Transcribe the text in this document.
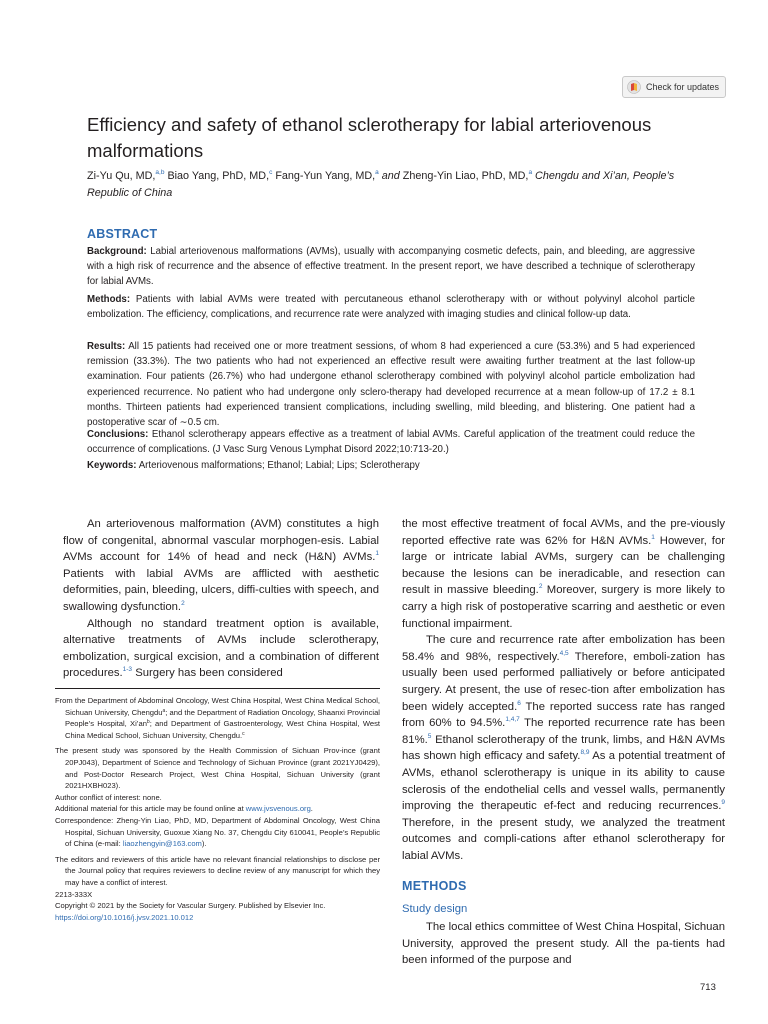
Check for updates
Efficiency and safety of ethanol sclerotherapy for labial arteriovenous malformations
Zi-Yu Qu, MD,$^{a,b}$ Biao Yang, PhD, MD,$^c$ Fang-Yun Yang, MD,$^a$ and Zheng-Yin Liao, PhD, MD,$^a$ Chengdu and Xi’an, People’s Republic of China
ABSTRACT
Background: Labial arteriovenous malformations (AVMs), usually with accompanying cosmetic defects, pain, and bleeding, are aggressive with a high risk of recurrence and the absence of effective treatment. In the present report, we have described a technique of sclerotherapy for labial AVMs.
Methods: Patients with labial AVMs were treated with percutaneous ethanol sclerotherapy with or without polyvinyl alcohol particle embolization. The efficiency, complications, and recurrence rate were analyzed with imaging studies and clinical follow-up data.
Results: All 15 patients had received one or more treatment sessions, of whom 8 had experienced a cure (53.3%) and 5 had experienced remission (33.3%). The two patients who had not experienced an effective result were awaiting further treatment at the last follow-up examination. Four patients (26.7%) who had undergone ethanol sclerotherapy combined with polyvinyl alcohol particle embolization had experienced recurrence. No patient who had undergone only sclero-therapy had developed recurrence at a mean follow-up of 17.2 ± 8.1 months. Thirteen patients had experienced transient complications, including swelling, mild bleeding, and blistering. One patient had a postoperative scar of ∼0.5 cm.
Conclusions: Ethanol sclerotherapy appears effective as a treatment of labial AVMs. Careful application of the treatment could reduce the occurrence of complications. (J Vasc Surg Venous Lymphat Disord 2022;10:713-20.)
Keywords: Arteriovenous malformations; Ethanol; Labial; Lips; Sclerotherapy

An arteriovenous malformation (AVM) constitutes a high flow of congenital, abnormal vascular morphogen-esis. Labial AVMs account for 14% of head and neck (H&N) AVMs.$^1$ Patients with labial AVMs are afflicted with aesthetic deformities, pain, bleeding, ulcers, diffi-culties with speech, and swallowing dysfunction.$^2$

Although no standard treatment option is available, alternative treatments of AVMs include sclerotherapy, embolization, surgical excision, and a combination of different procedures.$^{1-3}$ Surgery has been considered

From the Department of Abdominal Oncology, West China Hospital, West China Medical School, Sichuan University, Chengdu$^a$; and the Department of Radiation Oncology, Shaanxi Provincial People’s Hospital, $Xi’an^b$; and Department of Gastroenterology, West China Hospital, West China Medical School, Sichuan University, Chengdu.$^c$
The present study was sponsored by the Health Commission of Sichuan Prov-ince (grant 20PJ043), Department of Science and Technology of Sichuan Province (grant 2021YJ0429), and Post-Doctor Research Project, West China Hospital, Sichuan University (grant 2021HXBH023).
Author conflict of interest: none.
Additional material for this article may be found online at www.jvsvenous.org.
Correspondence: Zheng-Yin Liao, PhD, MD, Department of Abdominal Oncology, West China Hospital, Sichuan University, Guoxue Xiang No. 37, Chengdu City 610041, People’s Republic of China (e-mail: liaozhengyin@163.com).
The editors and reviewers of this article have no relevant financial relationships to disclose per the Journal policy that requires reviewers to decline review of any manuscript for which they may have a conflict of interest.
2213-333X
Copyright © 2021 by the Society for Vascular Surgery. Published by Elsevier Inc.
https://doi.org/10.1016/j.jvsv.2021.10.012

the most effective treatment of focal AVMs, and the pre-viously reported effective rate was 62% for H&N AVMs.$^1$ However, for large or intricate labial AVMs, surgery can be challenging because the lesions can be ineradicable, and resection can result in massive bleeding.$^2$ Moreover, surgery is more likely to carry a high risk of postoperative scarring and aesthetic or even functional impairment.

The cure and recurrence rate after embolization has been 58.4% and 98%, respectively.$^{4,5}$ Therefore, emboli-zation has usually been used performed palliatively or before anticipated surgery. At present, the use of resec-tion after embolization has been widely accepted.$^6$ The reported success rate has ranged from 60% to 94.5%.$^{1,4,7}$ The reported recurrence rate has been 81%.$^5$ Ethanol sclerotherapy of the trunk, limbs, and H&N AVMs has shown high efficacy and safety.$^{8,9}$ As a potential treatment of AVMs, ethanol sclerotherapy is unique in its ability to cause sclerosis of the endothelial cells and vessel walls, permanently improving the therapeutic ef-fect and reducing recurrences.$^9$ Therefore, in the present study, we analyzed the treatment outcomes and compli-cations after ethanol sclerotherapy for labial AVMs.

METHODS
Study design

The local ethics committee of West China Hospital, Sichuan University, approved the present study. All the pa-tients had been informed of the purpose and

713
